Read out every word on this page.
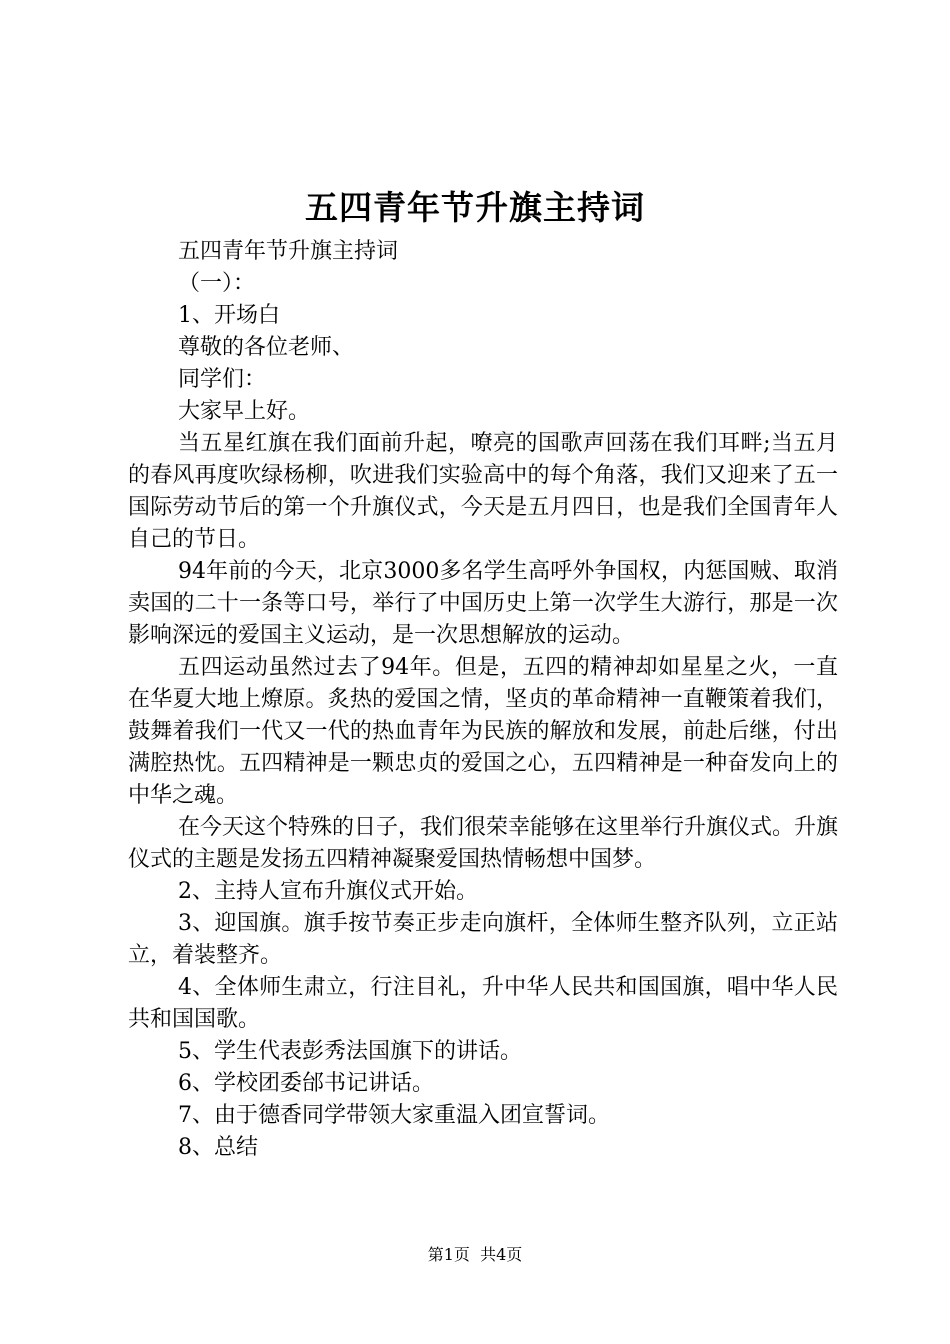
五四青年节升旗主持词

五四青年节升旗主持词

（一）：

1、开场白

尊敬的各位老师、

同学们：

大家早上好。

当五星红旗在我们面前升起，嘹亮的国歌声回荡在我们耳畔;当五月的春风再度吹绿杨柳，吹进我们实验高中的每个角落，我们又迎来了五一国际劳动节后的第一个升旗仪式，今天是五月四日，也是我们全国青年人自己的节日。

94年前的今天，北京3000多名学生高呼外争国权，内惩国贼、取消卖国的二十一条等口号，举行了中国历史上第一次学生大游行，那是一次影响深远的爱国主义运动，是一次思想解放的运动。

五四运动虽然过去了94年。但是，五四的精神却如星星之火，一直在华夏大地上燎原。炙热的爱国之情，坚贞的革命精神一直鞭策着我们，鼓舞着我们一代又一代的热血青年为民族的解放和发展，前赴后继，付出满腔热忱。五四精神是一颗忠贞的爱国之心，五四精神是一种奋发向上的中华之魂。

在今天这个特殊的日子，我们很荣幸能够在这里举行升旗仪式。升旗仪式的主题是发扬五四精神凝聚爱国热情畅想中国梦。

2、主持人宣布升旗仪式开始。

3、迎国旗。旗手按节奏正步走向旗杆，全体师生整齐队列，立正站立，着装整齐。

4、全体师生肃立，行注目礼，升中华人民共和国国旗，唱中华人民共和国国歌。

5、学生代表彭秀法国旗下的讲话。

6、学校团委邰书记讲话。

7、由于德香同学带领大家重温入团宣誓词。

8、总结

第1页 共4页
